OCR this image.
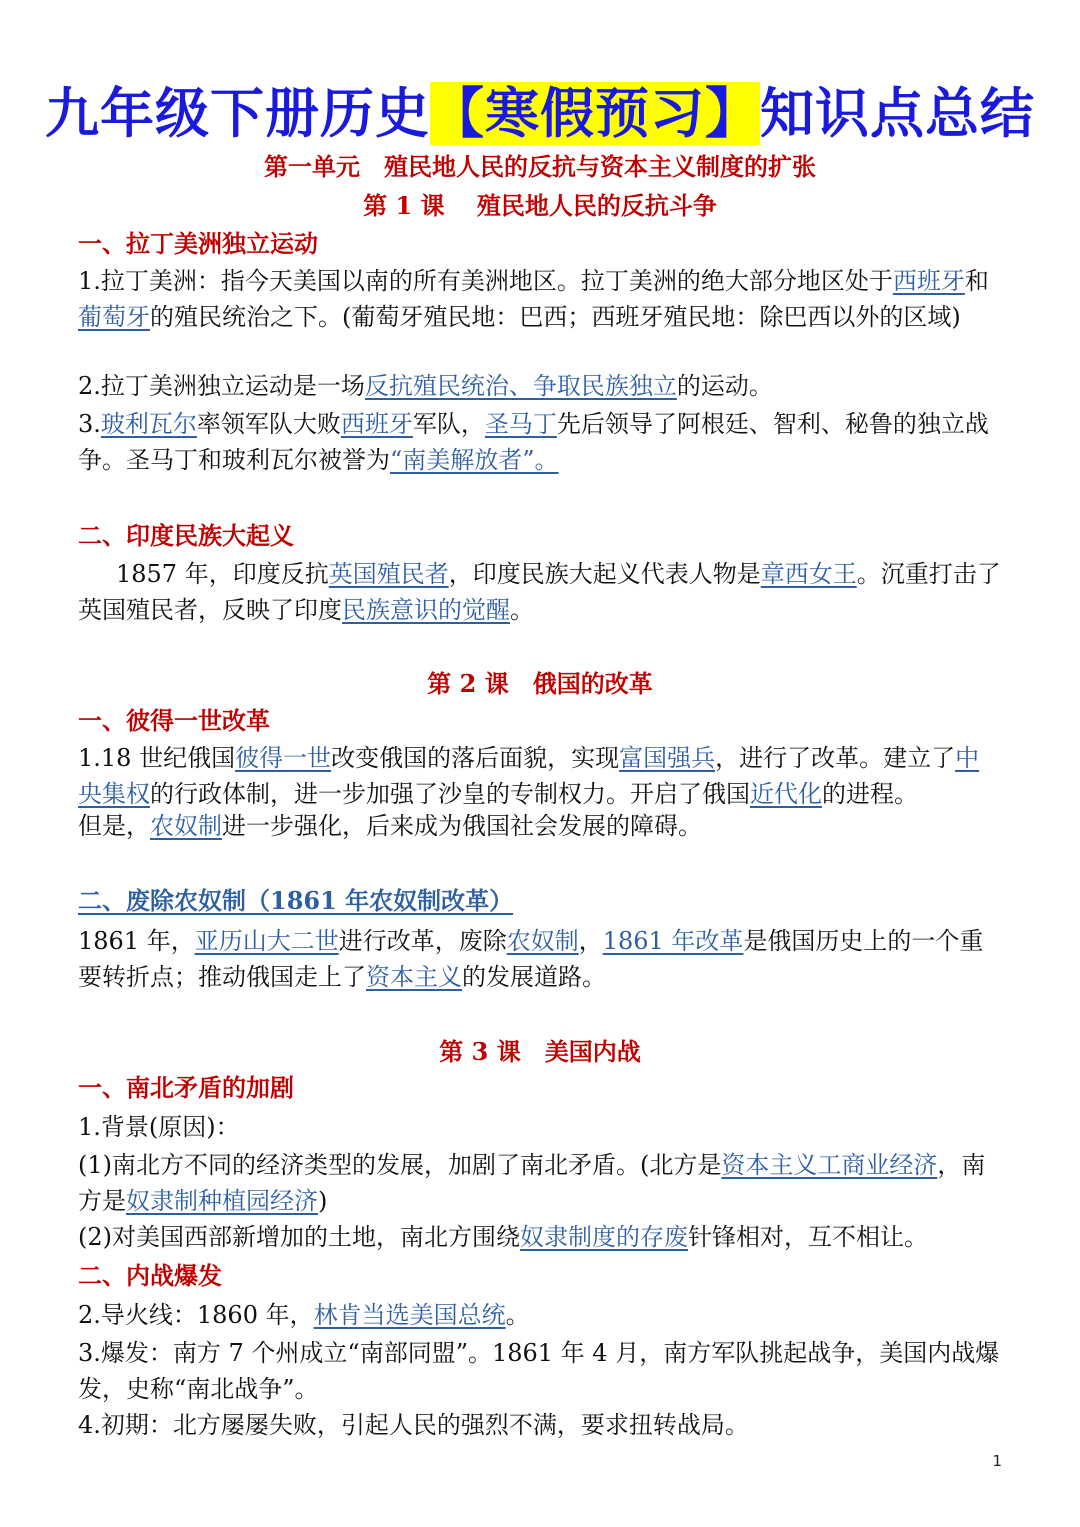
九年级下册历史【寒假预习】知识点总结
第一单元　殖民地人民的反抗与资本主义制度的扩张
第 1 课　 殖民地人民的反抗斗争
一、拉丁美洲独立运动
1.拉丁美洲：指今天美国以南的所有美洲地区。拉丁美洲的绝大部分地区处于西班牙和葡萄牙的殖民统治之下。(葡萄牙殖民地：巴西；西班牙殖民地：除巴西以外的区域)
2.拉丁美洲独立运动是一场反抗殖民统治、争取民族独立的运动。
3.玻利瓦尔率领军队大败西班牙军队，圣马丁先后领导了阿根廷、智利、秘鲁的独立战争。圣马丁和玻利瓦尔被誉为“南美解放者”。
二、印度民族大起义
1857 年，印度反抗英国殖民者，印度民族大起义代表人物是章西女王。沉重打击了英国殖民者，反映了印度民族意识的觉醒。
第 2 课　俄国的改革
一、彼得一世改革
1.18 世纪俄国彼得一世改变俄国的落后面貌，实现富国强兵，进行了改革。建立了中央集权的行政体制，进一步加强了沙皇的专制权力。开启了俄国近代化的进程。
但是，农奴制进一步强化，后来成为俄国社会发展的障碍。
二、废除农奴制（1861 年农奴制改革）
1861 年，亚历山大二世进行改革，废除农奴制，1861 年改革是俄国历史上的一个重要转折点；推动俄国走上了资本主义的发展道路。
第 3 课　美国内战
一、南北矛盾的加剧
1.背景(原因)：
(1)南北方不同的经济类型的发展，加剧了南北矛盾。(北方是资本主义工商业经济，南方是奴隶制种植园经济)
(2)对美国西部新增加的土地，南北方围绕奴隶制度的存废针锋相对，互不相让。
二、内战爆发
2.导火线：1860 年，林肯当选美国总统。
3.爆发：南方 7 个州成立“南部同盟”。1861 年 4 月，南方军队挑起战争，美国内战爆发，史称“南北战争”。
4.初期：北方屡屡失败，引起人民的强烈不满，要求扭转战局。
1
